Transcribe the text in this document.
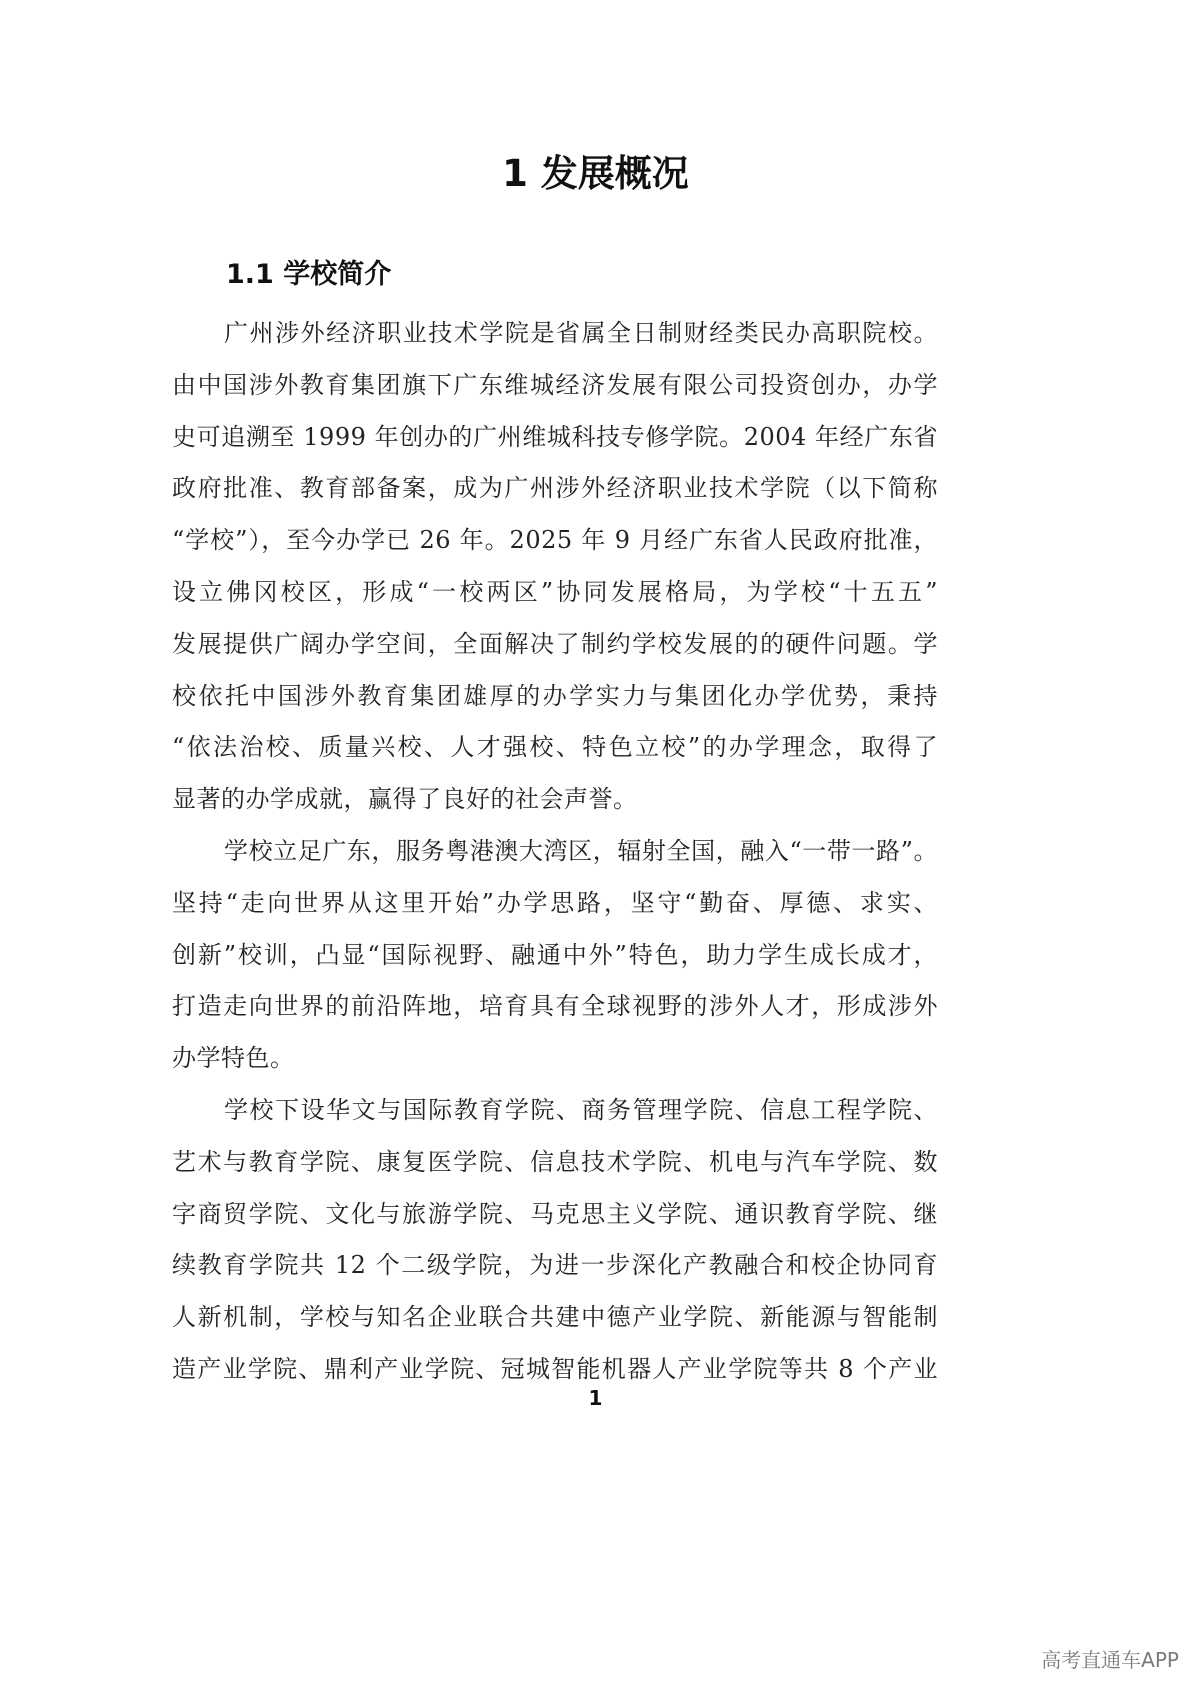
1 发展概况
1.1 学校简介

广州涉外经济职业技术学院是省属全日制财经类民办高职院校。
由中国涉外教育集团旗下广东维城经济发展有限公司投资创办，办学
史可追溯至 1999 年创办的广州维城科技专修学院。2004 年经广东省
政府批准、教育部备案，成为广州涉外经济职业技术学院（以下简称
“学校”），至今办学已 26 年。2025 年 9 月经广东省人民政府批准，
设立佛冈校区，形成“一校两区”协同发展格局，为学校“十五五”
发展提供广阔办学空间，全面解决了制约学校发展的的硬件问题。学
校依托中国涉外教育集团雄厚的办学实力与集团化办学优势，秉持
“依法治校、质量兴校、人才强校、特色立校”的办学理念，取得了
显著的办学成就，赢得了良好的社会声誉。

学校立足广东，服务粤港澳大湾区，辐射全国，融入“一带一路”。
坚持“走向世界从这里开始”办学思路，坚守“勤奋、厚德、求实、
创新”校训，凸显“国际视野、融通中外”特色，助力学生成长成才，
打造走向世界的前沿阵地，培育具有全球视野的涉外人才，形成涉外
办学特色。

学校下设华文与国际教育学院、商务管理学院、信息工程学院、
艺术与教育学院、康复医学院、信息技术学院、机电与汽车学院、数
字商贸学院、文化与旅游学院、马克思主义学院、通识教育学院、继
续教育学院共 12 个二级学院，为进一步深化产教融合和校企协同育
人新机制，学校与知名企业联合共建中德产业学院、新能源与智能制
造产业学院、鼎利产业学院、冠城智能机器人产业学院等共 8 个产业

1
高考直通车APP
